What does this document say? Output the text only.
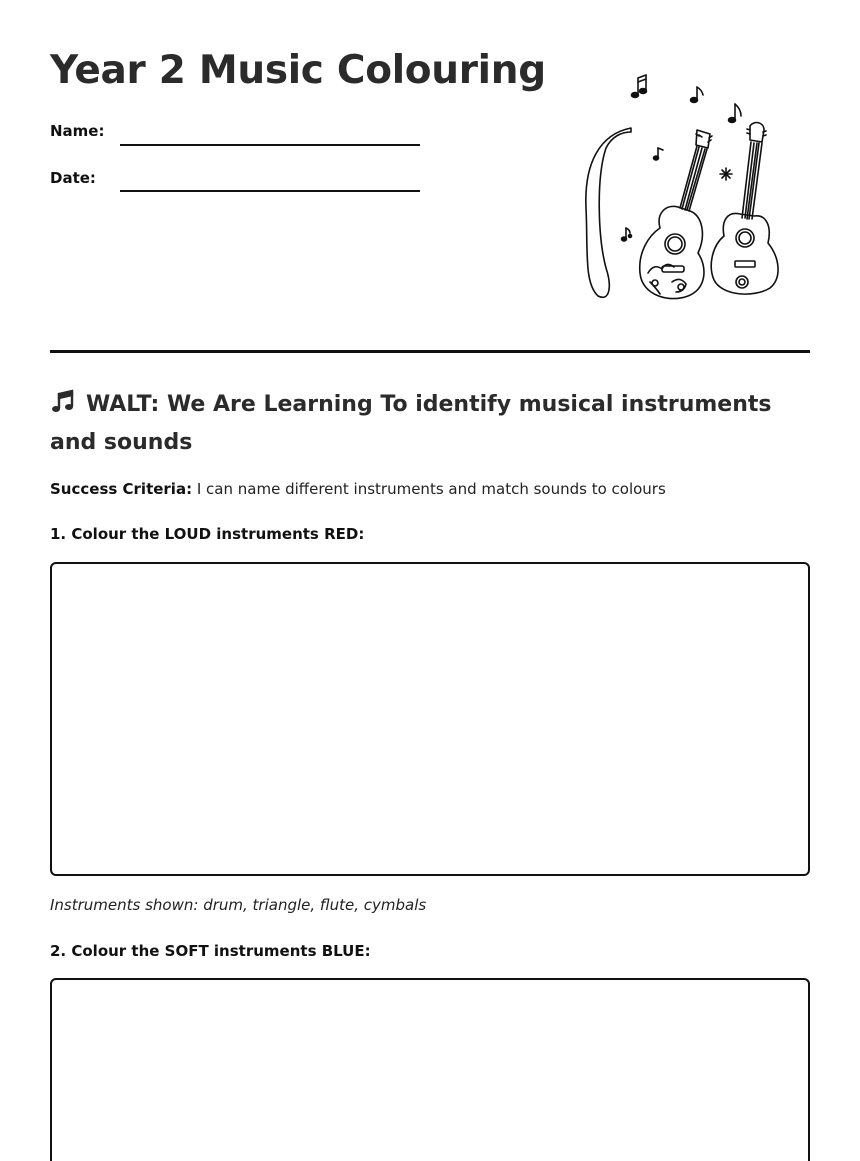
Year 2 Music Colouring
Name:
Date:
WALT: We Are Learning To identify musical instruments and sounds
Success Criteria: I can name different instruments and match sounds to colours
1. Colour the LOUD instruments RED:
Instruments shown: drum, triangle, flute, cymbals
2. Colour the SOFT instruments BLUE:
